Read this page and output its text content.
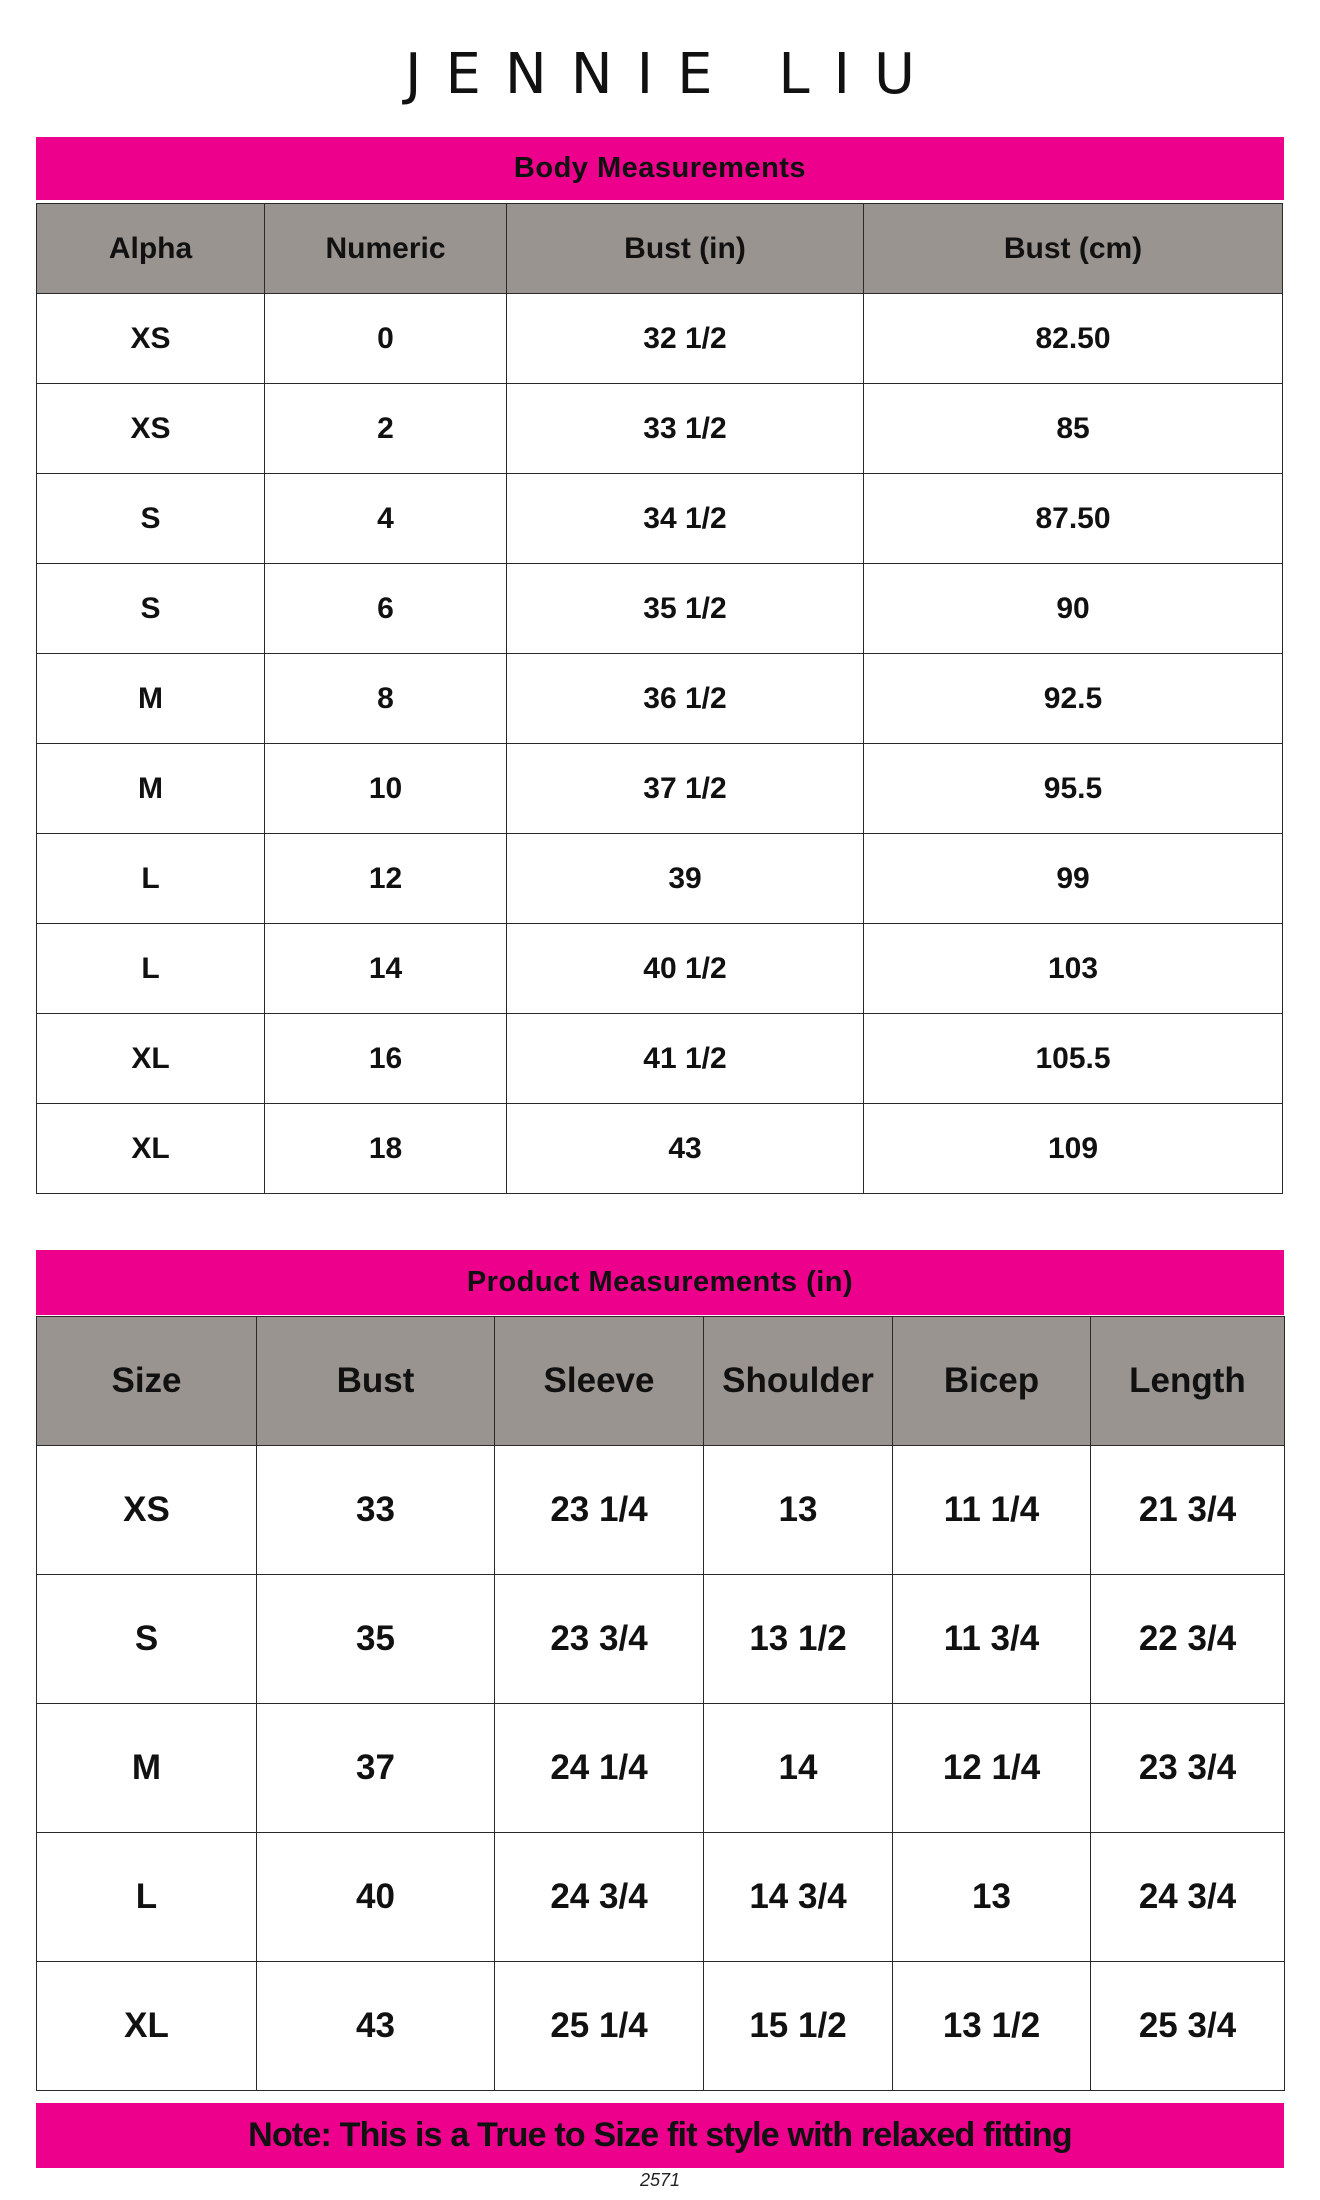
JENNIE LIU
Body Measurements
Alpha	Numeric	Bust (in)	Bust (cm)
XS	0	32 1/2	82.50
XS	2	33 1/2	85
S	4	34 1/2	87.50
S	6	35 1/2	90
M	8	36 1/2	92.5
M	10	37 1/2	95.5
L	12	39	99
L	14	40 1/2	103
XL	16	41 1/2	105.5
XL	18	43	109
Product Measurements (in)
Size	Bust	Sleeve	Shoulder	Bicep	Length
XS	33	23 1/4	13	11 1/4	21 3/4
S	35	23 3/4	13 1/2	11 3/4	22 3/4
M	37	24 1/4	14	12 1/4	23 3/4
L	40	24 3/4	14 3/4	13	24 3/4
XL	43	25 1/4	15 1/2	13 1/2	25 3/4
Note: This is a True to Size fit style with relaxed fitting
2571
